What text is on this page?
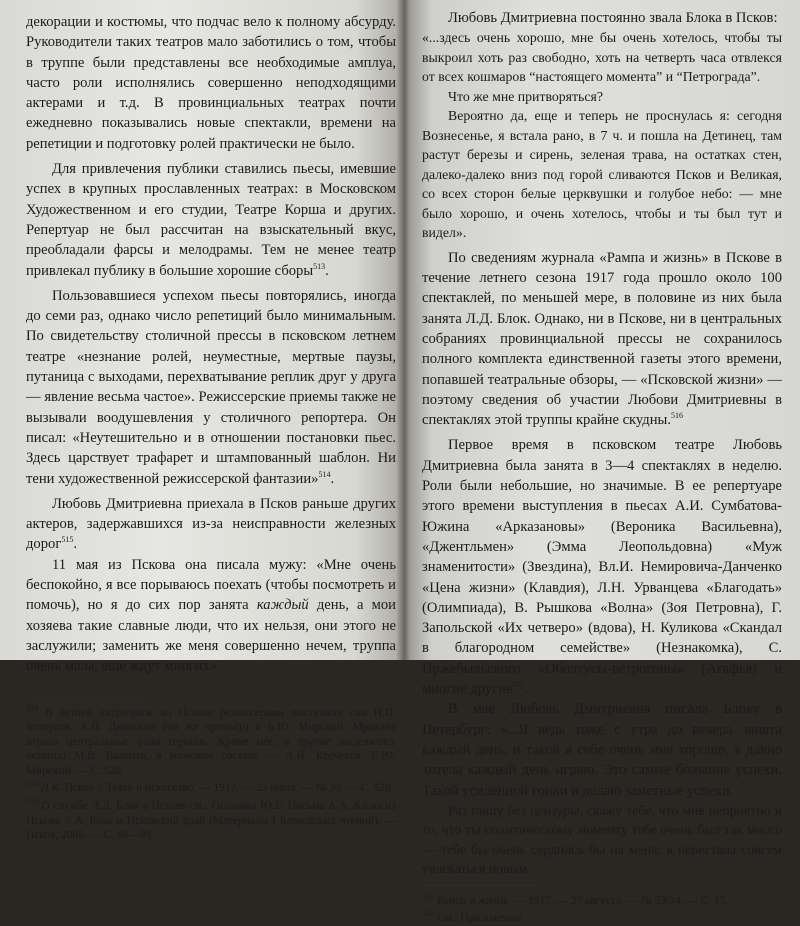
декорации и костюмы, что подчас вело к полному абсурду. Руководители таких театров мало заботились о том, чтобы в труппе были представлены все необходимые амплуа, часто роли исполнялись совершенно неподходящими актерами и т.д. В провинциальных театрах почти ежедневно показывались новые спектакли, времени на репетиции и подготовку ролей практически не было.

Для привлечения публики ставились пьесы, имевшие успех в крупных прославленных театрах: в Московском Художественном и его студии, Театре Корша и других. Репертуар не был рассчитан на взыскательный вкус, преобладали фарсы и мелодрамы. Тем не менее театр привлекал публику в большие хорошие сборы$^{513}$.

Пользовавшиеся успехом пьесы повторялись, иногда до семи раз, однако число репетиций было минимальным. По свидетельству столичной прессы в псковском летнем театре «незнание ролей, неуместные, мертвые паузы, путаница с выходами, перехватывание реплик друг у друга — явление весьма частое». Режиссерские приемы также не вызывали воодушевления у столичного репортера. Он писал: «Неутешительно и в отношении постановки пьес. Здесь царствует трафарет и штампованный шаблон. Ни тени художественной режиссерской фантазии»$^{514}$.

Любовь Дмитриевна приехала в Псков раньше других актеров, задержавшихся из-за неисправности железных дорог$^{515}$.

11 мая из Пскова она писала мужу: «Мне очень беспокойно, я все порываюсь поехать (чтобы посмотреть и помочь), но я до сих пор занята каждый день, а мои хозяева такие славные люди, что их нельзя, они этого не заслужили; заменить же меня совершенно нечем, труппа очень мала, еще ждут многих».

$^{513}$ В летней антрепризе во Пскове режиссерами выступали сам Н.П. Белоусов, А.П. Двинский (он же премьер) и Б.Ю. Мирский. Мравина играла центральные роли героинь. Кроме нее, в труппе выделялись актрисы М.В. Валента, в мужском составе — А.И. Кречетов, Е.Ю. Мирский. — С. 520.

$^{514}$ Л.К. Псков // Театр и искусство. — 1917. — 23 июля. — № 30. — С. 520.

$^{515}$ О службе Л.Д. Блок в Пскове см.: Галанина Ю.Е. Письма А.А. Блока из Пскова // А. Блок и Псковский край (Материалы I Блоковских чтений). — Псков, 2005. — С. 86—99.

Любовь Дмитриевна постоянно звала Блока в Псков:

«...здесь очень хорошо, мне бы очень хотелось, чтобы ты выкроил хоть раз свободно, хоть на четверть часа отвлекся от всех кошмаров “настоящего момента” и “Петрограда”.

Что же мне притворяться?

Вероятно да, еще и теперь не проснулась я: сегодня Вознесенье, я встала рано, в 7 ч. и пошла на Детинец, там растут березы и сирень, зеленая трава, на остатках стен, далеко-далеко вниз под горой сливаются Псков и Великая, со всех сторон белые церквушки и голубое небо: — мне было хорошо, и очень хотелось, чтобы и ты был тут и видел».

По сведениям журнала «Рампа и жизнь» в Пскове в течение летнего сезона 1917 года прошло около 100 спектаклей, по меньшей мере, в половине из них была занята Л.Д. Блок. Однако, ни в Пскове, ни в центральных собраниях провинциальной прессы не сохранилось полного комплекта единственной газеты этого времени, попавшей театральные обзоры, — «Псковской жизни» — поэтому сведения об участии Любови Дмитриевны в спектаклях этой труппы крайне скудны.$^{516}$

Первое время в псковском театре Любовь Дмитриевна была занята в 3—4 спектаклях в неделю. Роли были небольшие, но значимые. В ее репертуаре этого времени выступления в пьесах А.И. Сумбатова-Южина «Арказановы» (Вероника Васильевна), «Джентльмен» (Эмма Леопольдовна) «Муж знаменитости» (Звездина), Вл.И. Немировича-Данченко «Цена жизни» (Клавдия), Л.Н. Урванцева «Благодать» (Олимпиада), В. Рышкова «Волна» (Зоя Петровна), Г. Запольской «Их четверо» (вдова), Н. Куликова «Скандал в благородном семействе» (Незнакомка), С. Пржебыльского «Оболтусы-ветрогоны» (Агафья) и многие другие$^{517}$.

В мае Любовь Дмитриевна писала Блоку в Петербург: «...Я ведь тоже с утра до вечера занята каждый день, и такой я себе очень мне хорошо, я давно хотела каждый день играю. Это самые большие успехи. Такой усиленной гонки и делаю заметные успехи.

Раз пишу без цензуры, скажу тебе, что мне неприятно и то, что ты политическому моменту тебе очень был так много — тебе бы очень сердился бы на меня: я перестала совсем увлекаться новым

$^{516}$ Рампа и жизнь. — 1917. — 27 августа. — № 33/34. — С. 15.

$^{517}$ См.: Приложение.
